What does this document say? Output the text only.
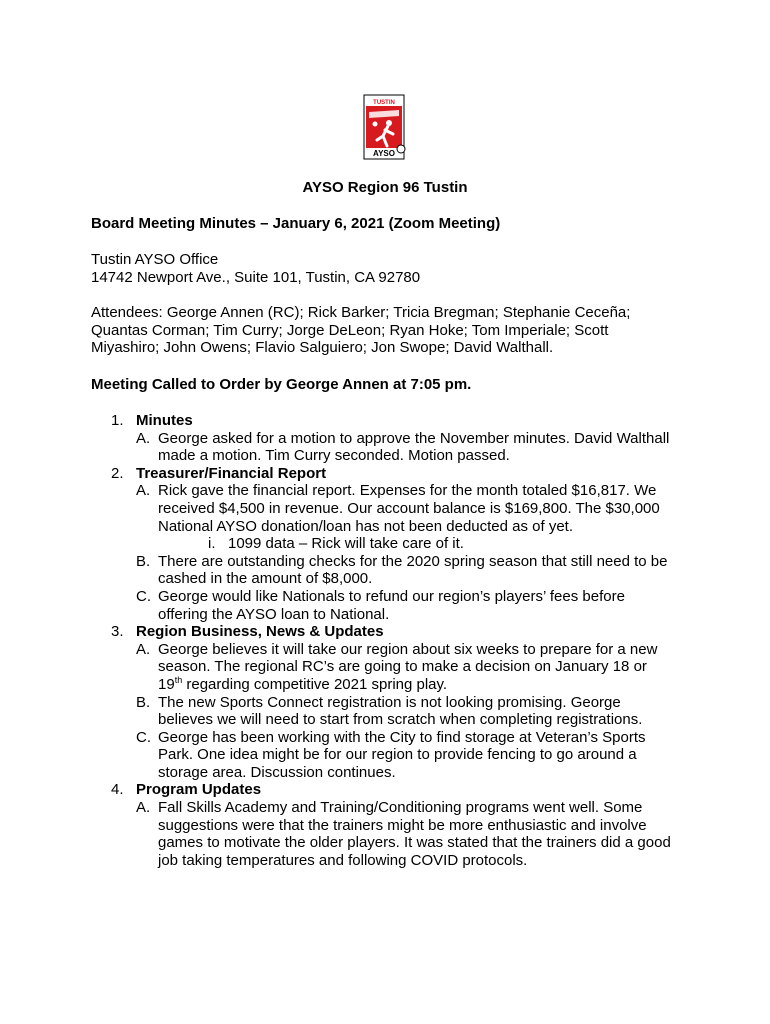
TUSTIN
AYSO
AYSO Region 96 Tustin
Board Meeting Minutes – January 6, 2021 (Zoom Meeting)
Tustin AYSO Office
14742 Newport Ave., Suite 101, Tustin, CA 92780
Attendees: George Annen (RC); Rick Barker; Tricia Bregman; Stephanie Ceceña;
Quantas Corman; Tim Curry; Jorge DeLeon; Ryan Hoke; Tom Imperiale; Scott
Miyashiro; John Owens; Flavio Salguiero; Jon Swope; David Walthall.
Meeting Called to Order by George Annen at 7:05 pm.
1. Minutes
A. George asked for a motion to approve the November minutes. David Walthall
made a motion. Tim Curry seconded. Motion passed.
2. Treasurer/Financial Report
A. Rick gave the financial report. Expenses for the month totaled $16,817. We
received $4,500 in revenue. Our account balance is $169,800. The $30,000
National AYSO donation/loan has not been deducted as of yet.
i. 1099 data – Rick will take care of it.
B. There are outstanding checks for the 2020 spring season that still need to be
cashed in the amount of $8,000.
C. George would like Nationals to refund our region’s players’ fees before
offering the AYSO loan to National.
3. Region Business, News & Updates
A. George believes it will take our region about six weeks to prepare for a new
season. The regional RC’s are going to make a decision on January 18 or
19th regarding competitive 2021 spring play.
B. The new Sports Connect registration is not looking promising. George
believes we will need to start from scratch when completing registrations.
C. George has been working with the City to find storage at Veteran’s Sports
Park. One idea might be for our region to provide fencing to go around a
storage area. Discussion continues.
4. Program Updates
A. Fall Skills Academy and Training/Conditioning programs went well. Some
suggestions were that the trainers might be more enthusiastic and involve
games to motivate the older players. It was stated that the trainers did a good
job taking temperatures and following COVID protocols.
